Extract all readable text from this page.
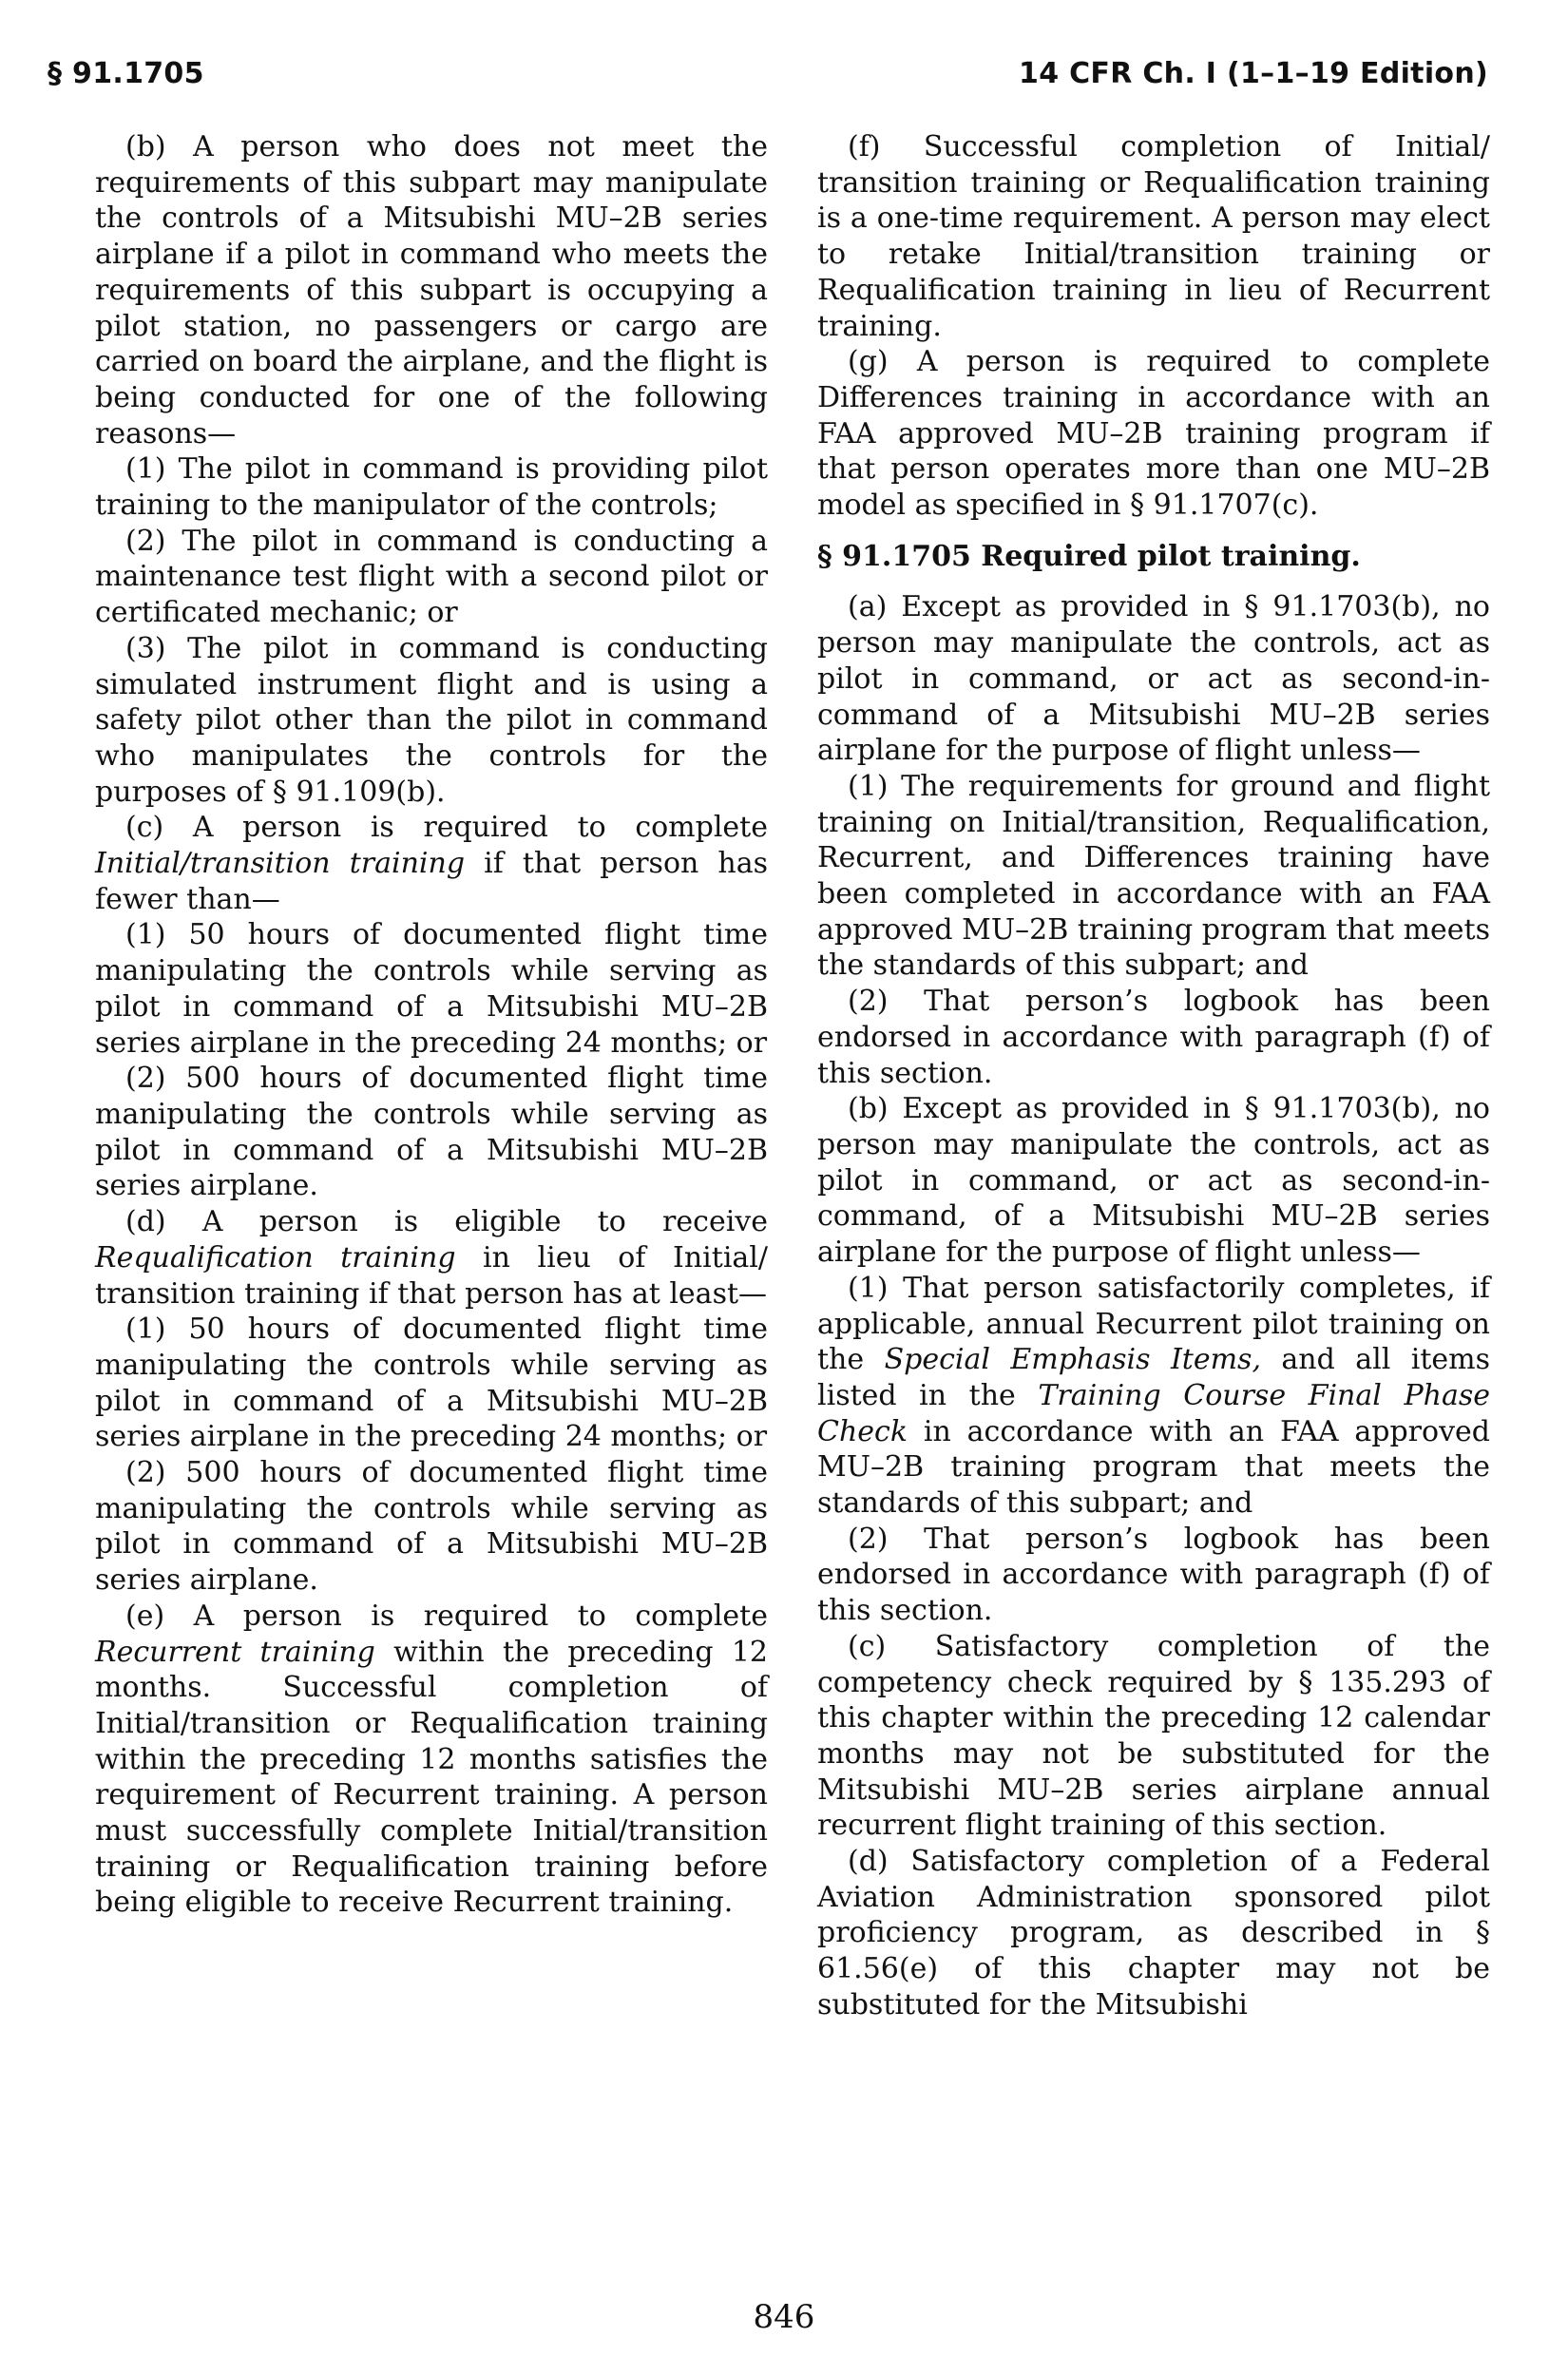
§ 91.1705	14 CFR Ch. I (1–1–19 Edition)

(b) A person who does not meet the requirements of this subpart may manipulate the controls of a Mitsubishi MU–2B series airplane if a pilot in command who meets the requirements of this subpart is occupying a pilot station, no passengers or cargo are carried on board the airplane, and the flight is being conducted for one of the following reasons—

(1) The pilot in command is providing pilot training to the manipulator of the controls;

(2) The pilot in command is conducting a maintenance test flight with a second pilot or certificated mechanic; or

(3) The pilot in command is conducting simulated instrument flight and is using a safety pilot other than the pilot in command who manipulates the controls for the purposes of § 91.109(b).

(c) A person is required to complete Initial/transition training if that person has fewer than—

(1) 50 hours of documented flight time manipulating the controls while serving as pilot in command of a Mitsubishi MU–2B series airplane in the preceding 24 months; or

(2) 500 hours of documented flight time manipulating the controls while serving as pilot in command of a Mitsubishi MU–2B series airplane.

(d) A person is eligible to receive Requalification training in lieu of Initial/ transition training if that person has at least—

(1) 50 hours of documented flight time manipulating the controls while serving as pilot in command of a Mitsubishi MU–2B series airplane in the preceding 24 months; or

(2) 500 hours of documented flight time manipulating the controls while serving as pilot in command of a Mitsubishi MU–2B series airplane.

(e) A person is required to complete Recurrent training within the preceding 12 months. Successful completion of Initial/transition or Requalification training within the preceding 12 months satisfies the requirement of Recurrent training. A person must successfully complete Initial/transition training or Requalification training before being eligible to receive Recurrent training.

(f) Successful completion of Initial/ transition training or Requalification training is a one-time requirement. A person may elect to retake Initial/transition training or Requalification training in lieu of Recurrent training.

(g) A person is required to complete Differences training in accordance with an FAA approved MU–2B training program if that person operates more than one MU–2B model as specified in § 91.1707(c).

§ 91.1705 Required pilot training.

(a) Except as provided in § 91.1703(b), no person may manipulate the controls, act as pilot in command, or act as second-in-command of a Mitsubishi MU–2B series airplane for the purpose of flight unless—

(1) The requirements for ground and flight training on Initial/transition, Requalification, Recurrent, and Differences training have been completed in accordance with an FAA approved MU–2B training program that meets the standards of this subpart; and

(2) That person’s logbook has been endorsed in accordance with paragraph (f) of this section.

(b) Except as provided in § 91.1703(b), no person may manipulate the controls, act as pilot in command, or act as second-in-command, of a Mitsubishi MU–2B series airplane for the purpose of flight unless—

(1) That person satisfactorily completes, if applicable, annual Recurrent pilot training on the Special Emphasis Items, and all items listed in the Training Course Final Phase Check in accordance with an FAA approved MU–2B training program that meets the standards of this subpart; and

(2) That person’s logbook has been endorsed in accordance with paragraph (f) of this section.

(c) Satisfactory completion of the competency check required by § 135.293 of this chapter within the preceding 12 calendar months may not be substituted for the Mitsubishi MU–2B series airplane annual recurrent flight training of this section.

(d) Satisfactory completion of a Federal Aviation Administration sponsored pilot proficiency program, as described in § 61.56(e) of this chapter may not be substituted for the Mitsubishi

846
